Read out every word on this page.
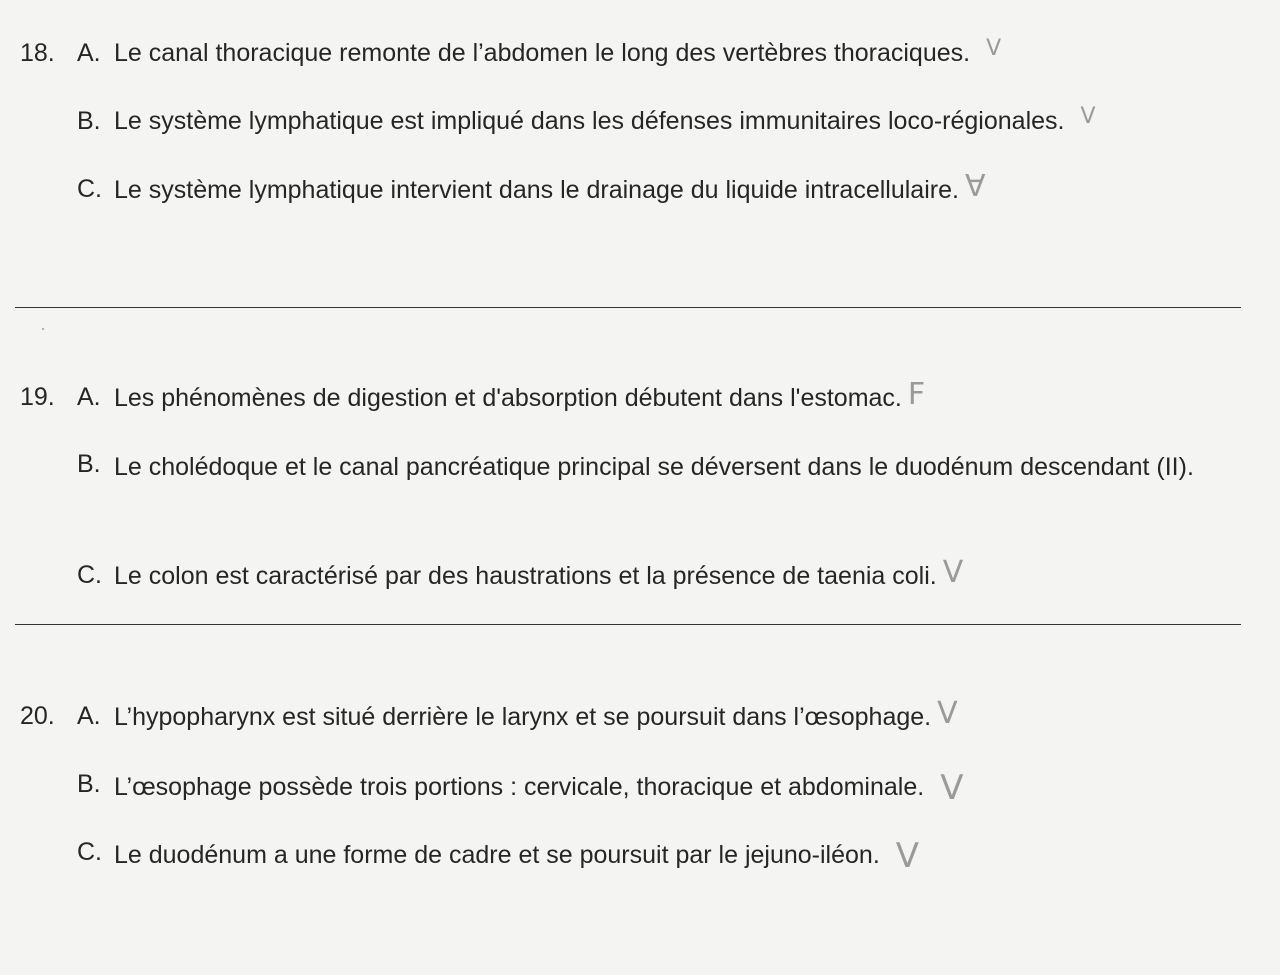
18. A. Le canal thoracique remonte de l’abdomen le long des vertèbres thoraciques. V
B. Le système lymphatique est impliqué dans les défenses immunitaires loco-régionales. V
C. Le système lymphatique intervient dans le drainage du liquide intracellulaire. ∀
19. A. Les phénomènes de digestion et d'absorption débutent dans l'estomac. F
B. Le cholédoque et le canal pancréatique principal se déversent dans le duodénum descendant (II).
C. Le colon est caractérisé par des haustrations et la présence de taenia coli. V
20. A. L’hypopharynx est situé derrière le larynx et se poursuit dans l’œsophage. V
B. L’œsophage possède trois portions : cervicale, thoracique et abdominale. V
C. Le duodénum a une forme de cadre et se poursuit par le jejuno-iléon. V
